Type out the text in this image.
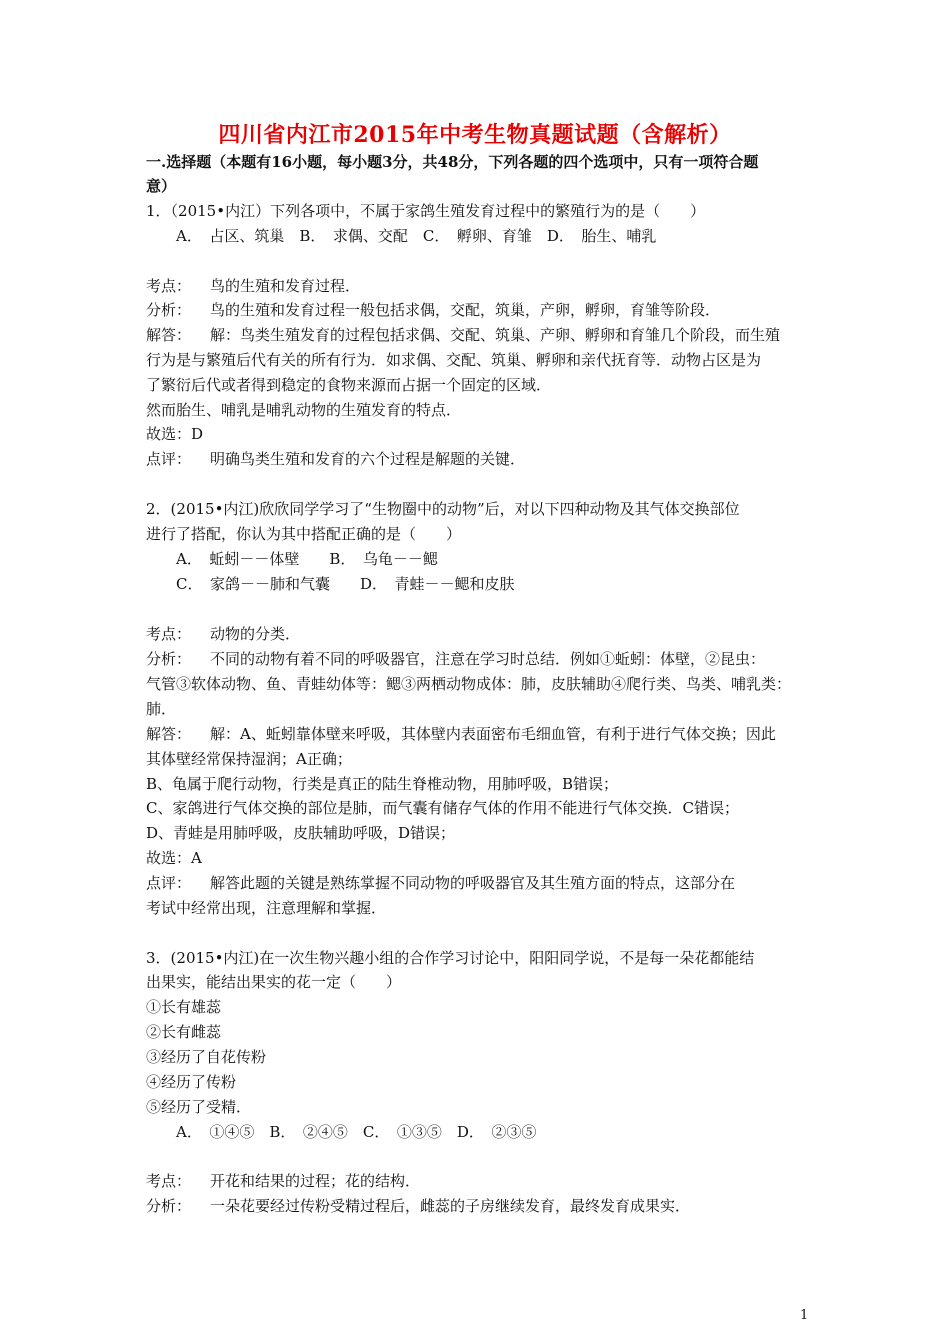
四川省内江市2015年中考生物真题试题（含解析）
一.选择题（本题有16小题，每小题3分，共48分，下列各题的四个选项中，只有一项符合题
意）
1．（2015•内江）下列各项中，不属于家鸽生殖发育过程中的繁殖行为的是（　　）
A．　占区、筑巢　B．　求偶、交配　C．　孵卵、育雏　D．　胎生、哺乳
考点： 鸟的生殖和发育过程．
分析： 鸟的生殖和发育过程一般包括求偶，交配，筑巢，产卵，孵卵，育雏等阶段．
解答： 解：鸟类生殖发育的过程包括求偶、交配、筑巢、产卵、孵卵和育雏几个阶段，而生殖
行为是与繁殖后代有关的所有行为．如求偶、交配、筑巢、孵卵和亲代抚育等．动物占区是为
了繁衍后代或者得到稳定的食物来源而占据一个固定的区域．
然而胎生、哺乳是哺乳动物的生殖发育的特点．
故选：D
点评： 明确鸟类生殖和发育的六个过程是解题的关键．
2．(2015•内江)欣欣同学学习了“生物圈中的动物”后，对以下四种动物及其气体交换部位
进行了搭配，你认为其中搭配正确的是（　　）
A．　蚯蚓－－体壁　　B．　乌龟－－鳃
C．　家鸽－－肺和气囊　　D．　青蛙－－鳃和皮肤
考点： 动物的分类．
分析： 不同的动物有着不同的呼吸器官，注意在学习时总结．例如①蚯蚓：体壁，②昆虫：
气管③软体动物、鱼、青蛙幼体等：鳃③两栖动物成体：肺，皮肤辅助④爬行类、鸟类、哺乳类：
肺．
解答： 解：A、蚯蚓靠体壁来呼吸，其体壁内表面密布毛细血管，有利于进行气体交换；因此
其体壁经常保持湿润；A正确；
B、龟属于爬行动物，行类是真正的陆生脊椎动物，用肺呼吸，B错误；
C、家鸽进行气体交换的部位是肺，而气囊有储存气体的作用不能进行气体交换．C错误；
D、青蛙是用肺呼吸，皮肤辅助呼吸，D错误；
故选：A
点评： 解答此题的关键是熟练掌握不同动物的呼吸器官及其生殖方面的特点，这部分在
考试中经常出现，注意理解和掌握．
3．(2015•内江)在一次生物兴趣小组的合作学习讨论中，阳阳同学说，不是每一朵花都能结
出果实，能结出果实的花一定（　　）
①长有雄蕊
②长有雌蕊
③经历了自花传粉
④经历了传粉
⑤经历了受精．
A．　①④⑤　B．　②④⑤　C．　①③⑤　D．　②③⑤
考点： 开花和结果的过程；花的结构．
分析： 一朵花要经过传粉受精过程后，雌蕊的子房继续发育，最终发育成果实．
1
